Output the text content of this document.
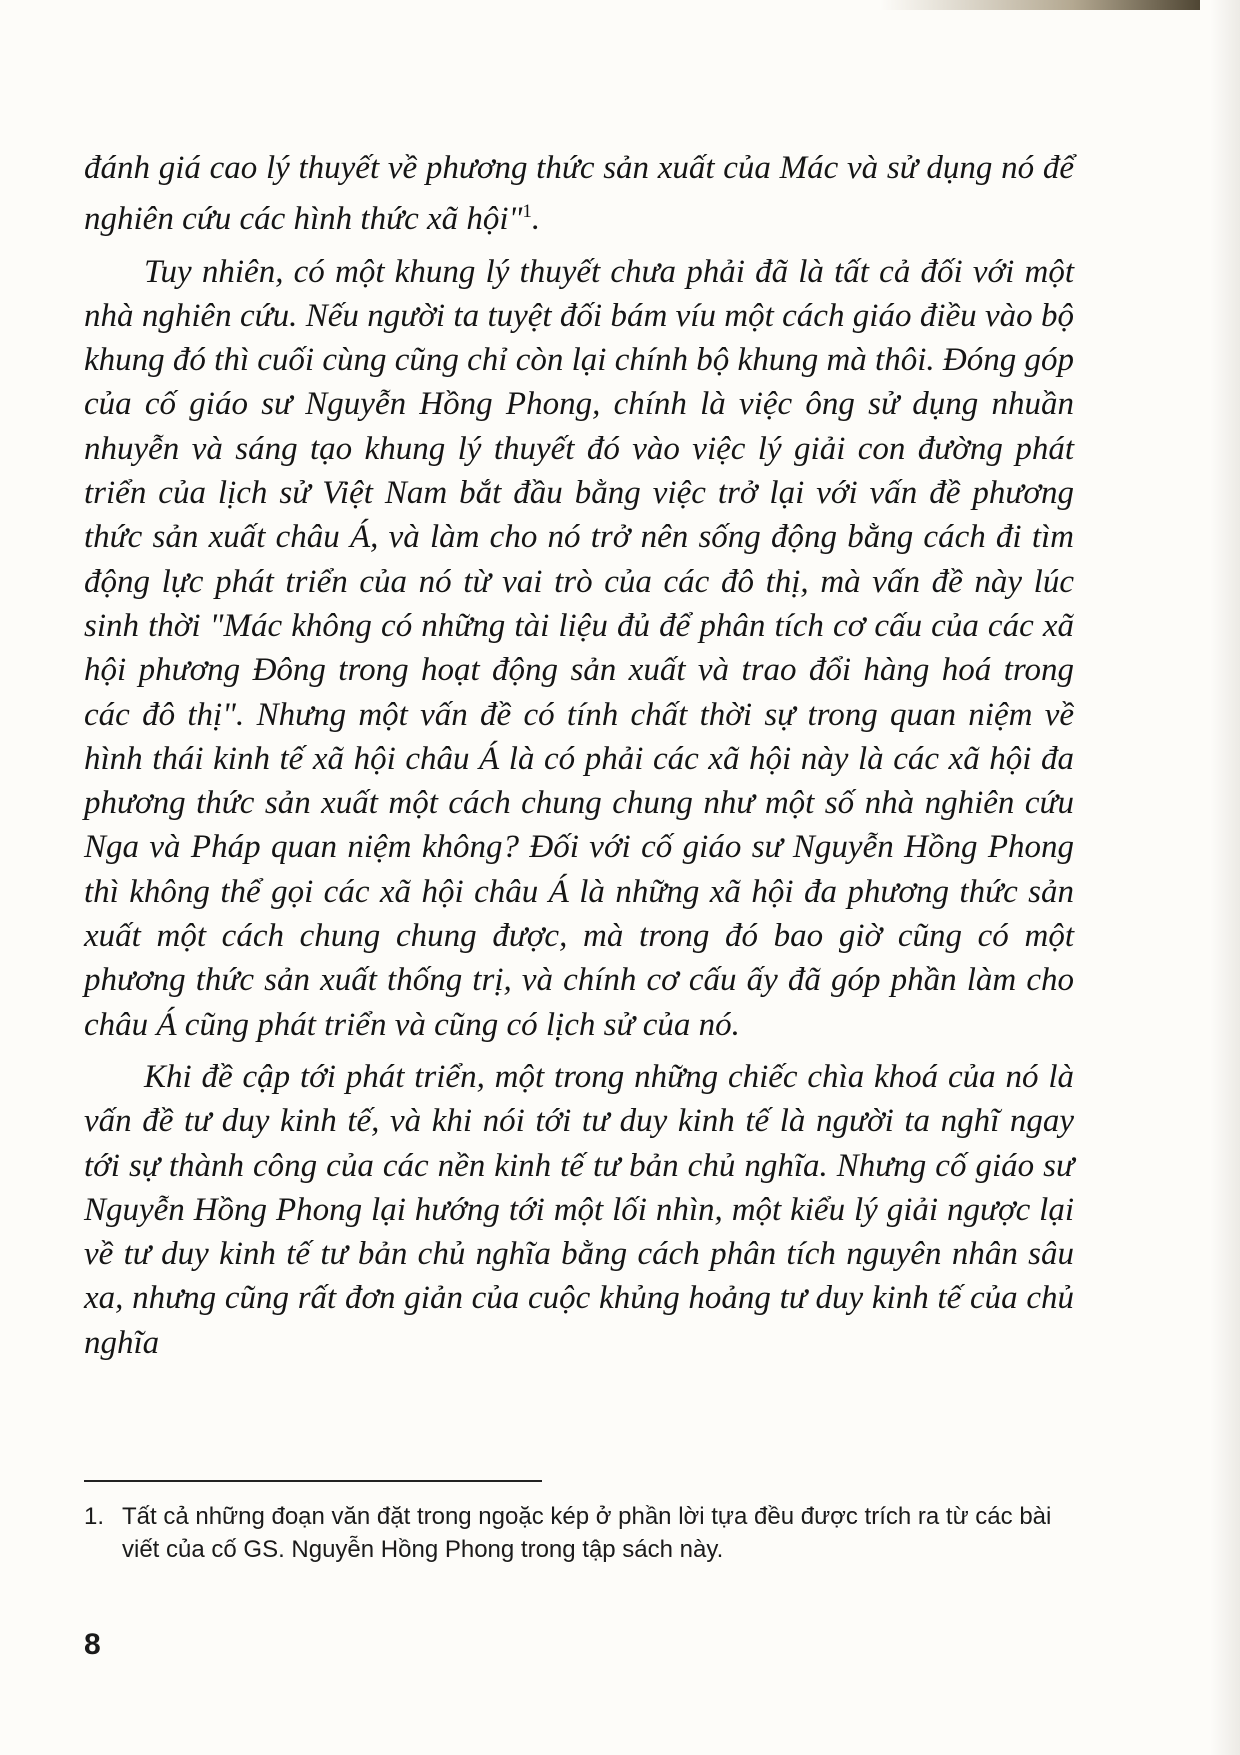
đánh giá cao lý thuyết về phương thức sản xuất của Mác và sử dụng nó để nghiên cứu các hình thức xã hội"$^1$.

Tuy nhiên, có một khung lý thuyết chưa phải đã là tất cả đối với một nhà nghiên cứu. Nếu người ta tuyệt đối bám víu một cách giáo điều vào bộ khung đó thì cuối cùng cũng chỉ còn lại chính bộ khung mà thôi. Đóng góp của cố giáo sư Nguyễn Hồng Phong, chính là việc ông sử dụng nhuần nhuyễn và sáng tạo khung lý thuyết đó vào việc lý giải con đường phát triển của lịch sử Việt Nam bắt đầu bằng việc trở lại với vấn đề phương thức sản xuất châu Á, và làm cho nó trở nên sống động bằng cách đi tìm động lực phát triển của nó từ vai trò của các đô thị, mà vấn đề này lúc sinh thời "Mác không có những tài liệu đủ để phân tích cơ cấu của các xã hội phương Đông trong hoạt động sản xuất và trao đổi hàng hoá trong các đô thị". Nhưng một vấn đề có tính chất thời sự trong quan niệm về hình thái kinh tế xã hội châu Á là có phải các xã hội này là các xã hội đa phương thức sản xuất một cách chung chung như một số nhà nghiên cứu Nga và Pháp quan niệm không? Đối với cố giáo sư Nguyễn Hồng Phong thì không thể gọi các xã hội châu Á là những xã hội đa phương thức sản xuất một cách chung chung được, mà trong đó bao giờ cũng có một phương thức sản xuất thống trị, và chính cơ cấu ấy đã góp phần làm cho châu Á cũng phát triển và cũng có lịch sử của nó.

Khi đề cập tới phát triển, một trong những chiếc chìa khoá của nó là vấn đề tư duy kinh tế, và khi nói tới tư duy kinh tế là người ta nghĩ ngay tới sự thành công của các nền kinh tế tư bản chủ nghĩa. Nhưng cố giáo sư Nguyễn Hồng Phong lại hướng tới một lối nhìn, một kiểu lý giải ngược lại về tư duy kinh tế tư bản chủ nghĩa bằng cách phân tích nguyên nhân sâu xa, nhưng cũng rất đơn giản của cuộc khủng hoảng tư duy kinh tế của chủ nghĩa

1. Tất cả những đoạn văn đặt trong ngoặc kép ở phần lời tựa đều được trích ra từ các bài viết của cố GS. Nguyễn Hồng Phong trong tập sách này.
8
